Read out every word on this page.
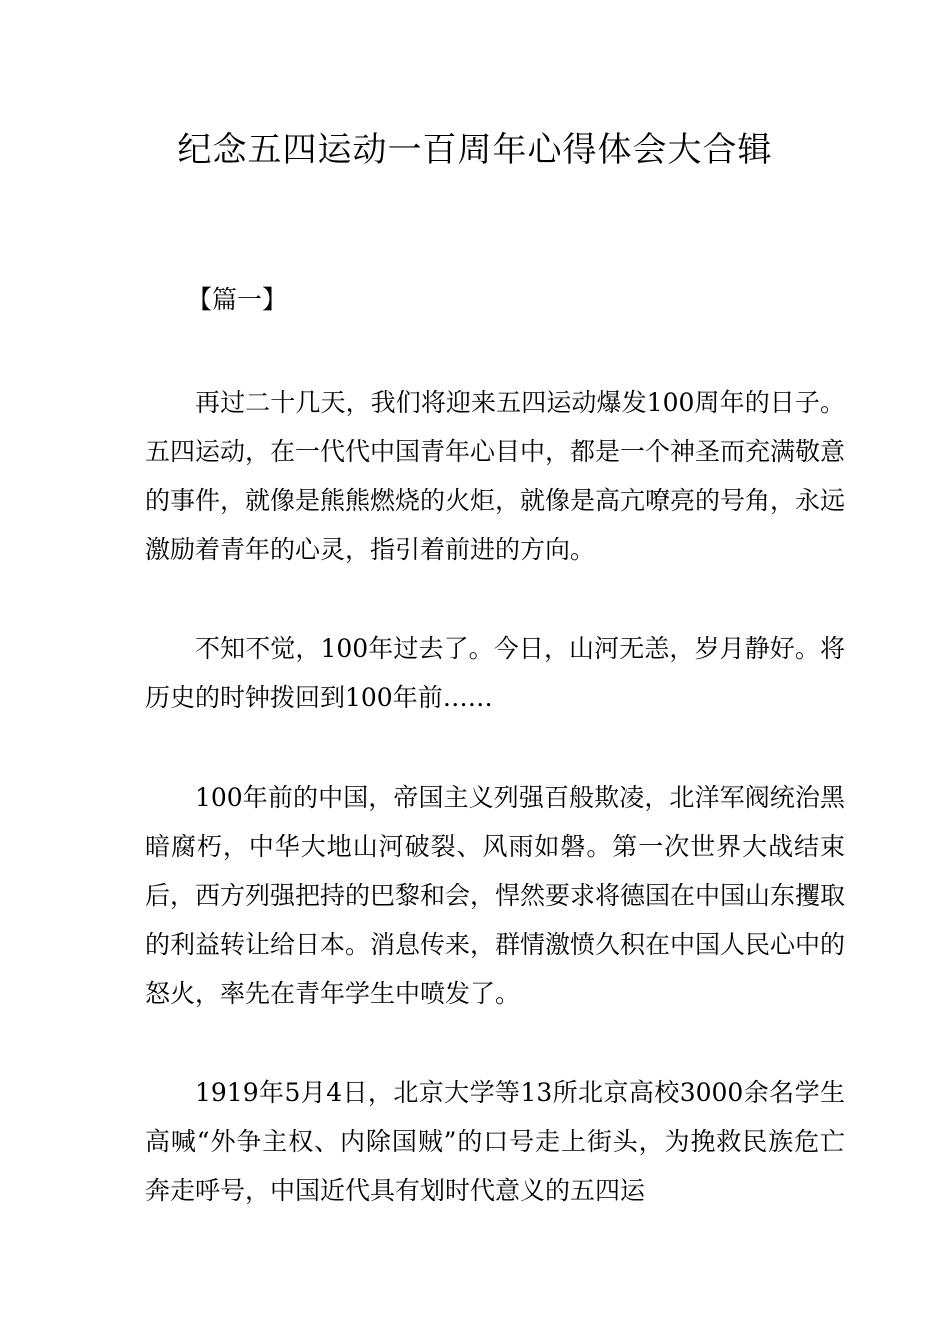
纪念五四运动一百周年心得体会大合辑
【篇一】

再过二十几天，我们将迎来五四运动爆发100周年的日子。五四运动，在一代代中国青年心目中，都是一个神圣而充满敬意的事件，就像是熊熊燃烧的火炬，就像是高亢嘹亮的号角，永远激励着青年的心灵，指引着前进的方向。

不知不觉，100年过去了。今日，山河无恙，岁月静好。将历史的时钟拨回到100年前……

100年前的中国，帝国主义列强百般欺凌，北洋军阀统治黑暗腐朽，中华大地山河破裂、风雨如磐。第一次世界大战结束后，西方列强把持的巴黎和会，悍然要求将德国在中国山东攫取的利益转让给日本。消息传来，群情激愤久积在中国人民心中的怒火，率先在青年学生中喷发了。

1919年5月4日，北京大学等13所北京高校3000余名学生高喊“外争主权、内除国贼”的口号走上街头，为挽救民族危亡奔走呼号，中国近代具有划时代意义的五四运
